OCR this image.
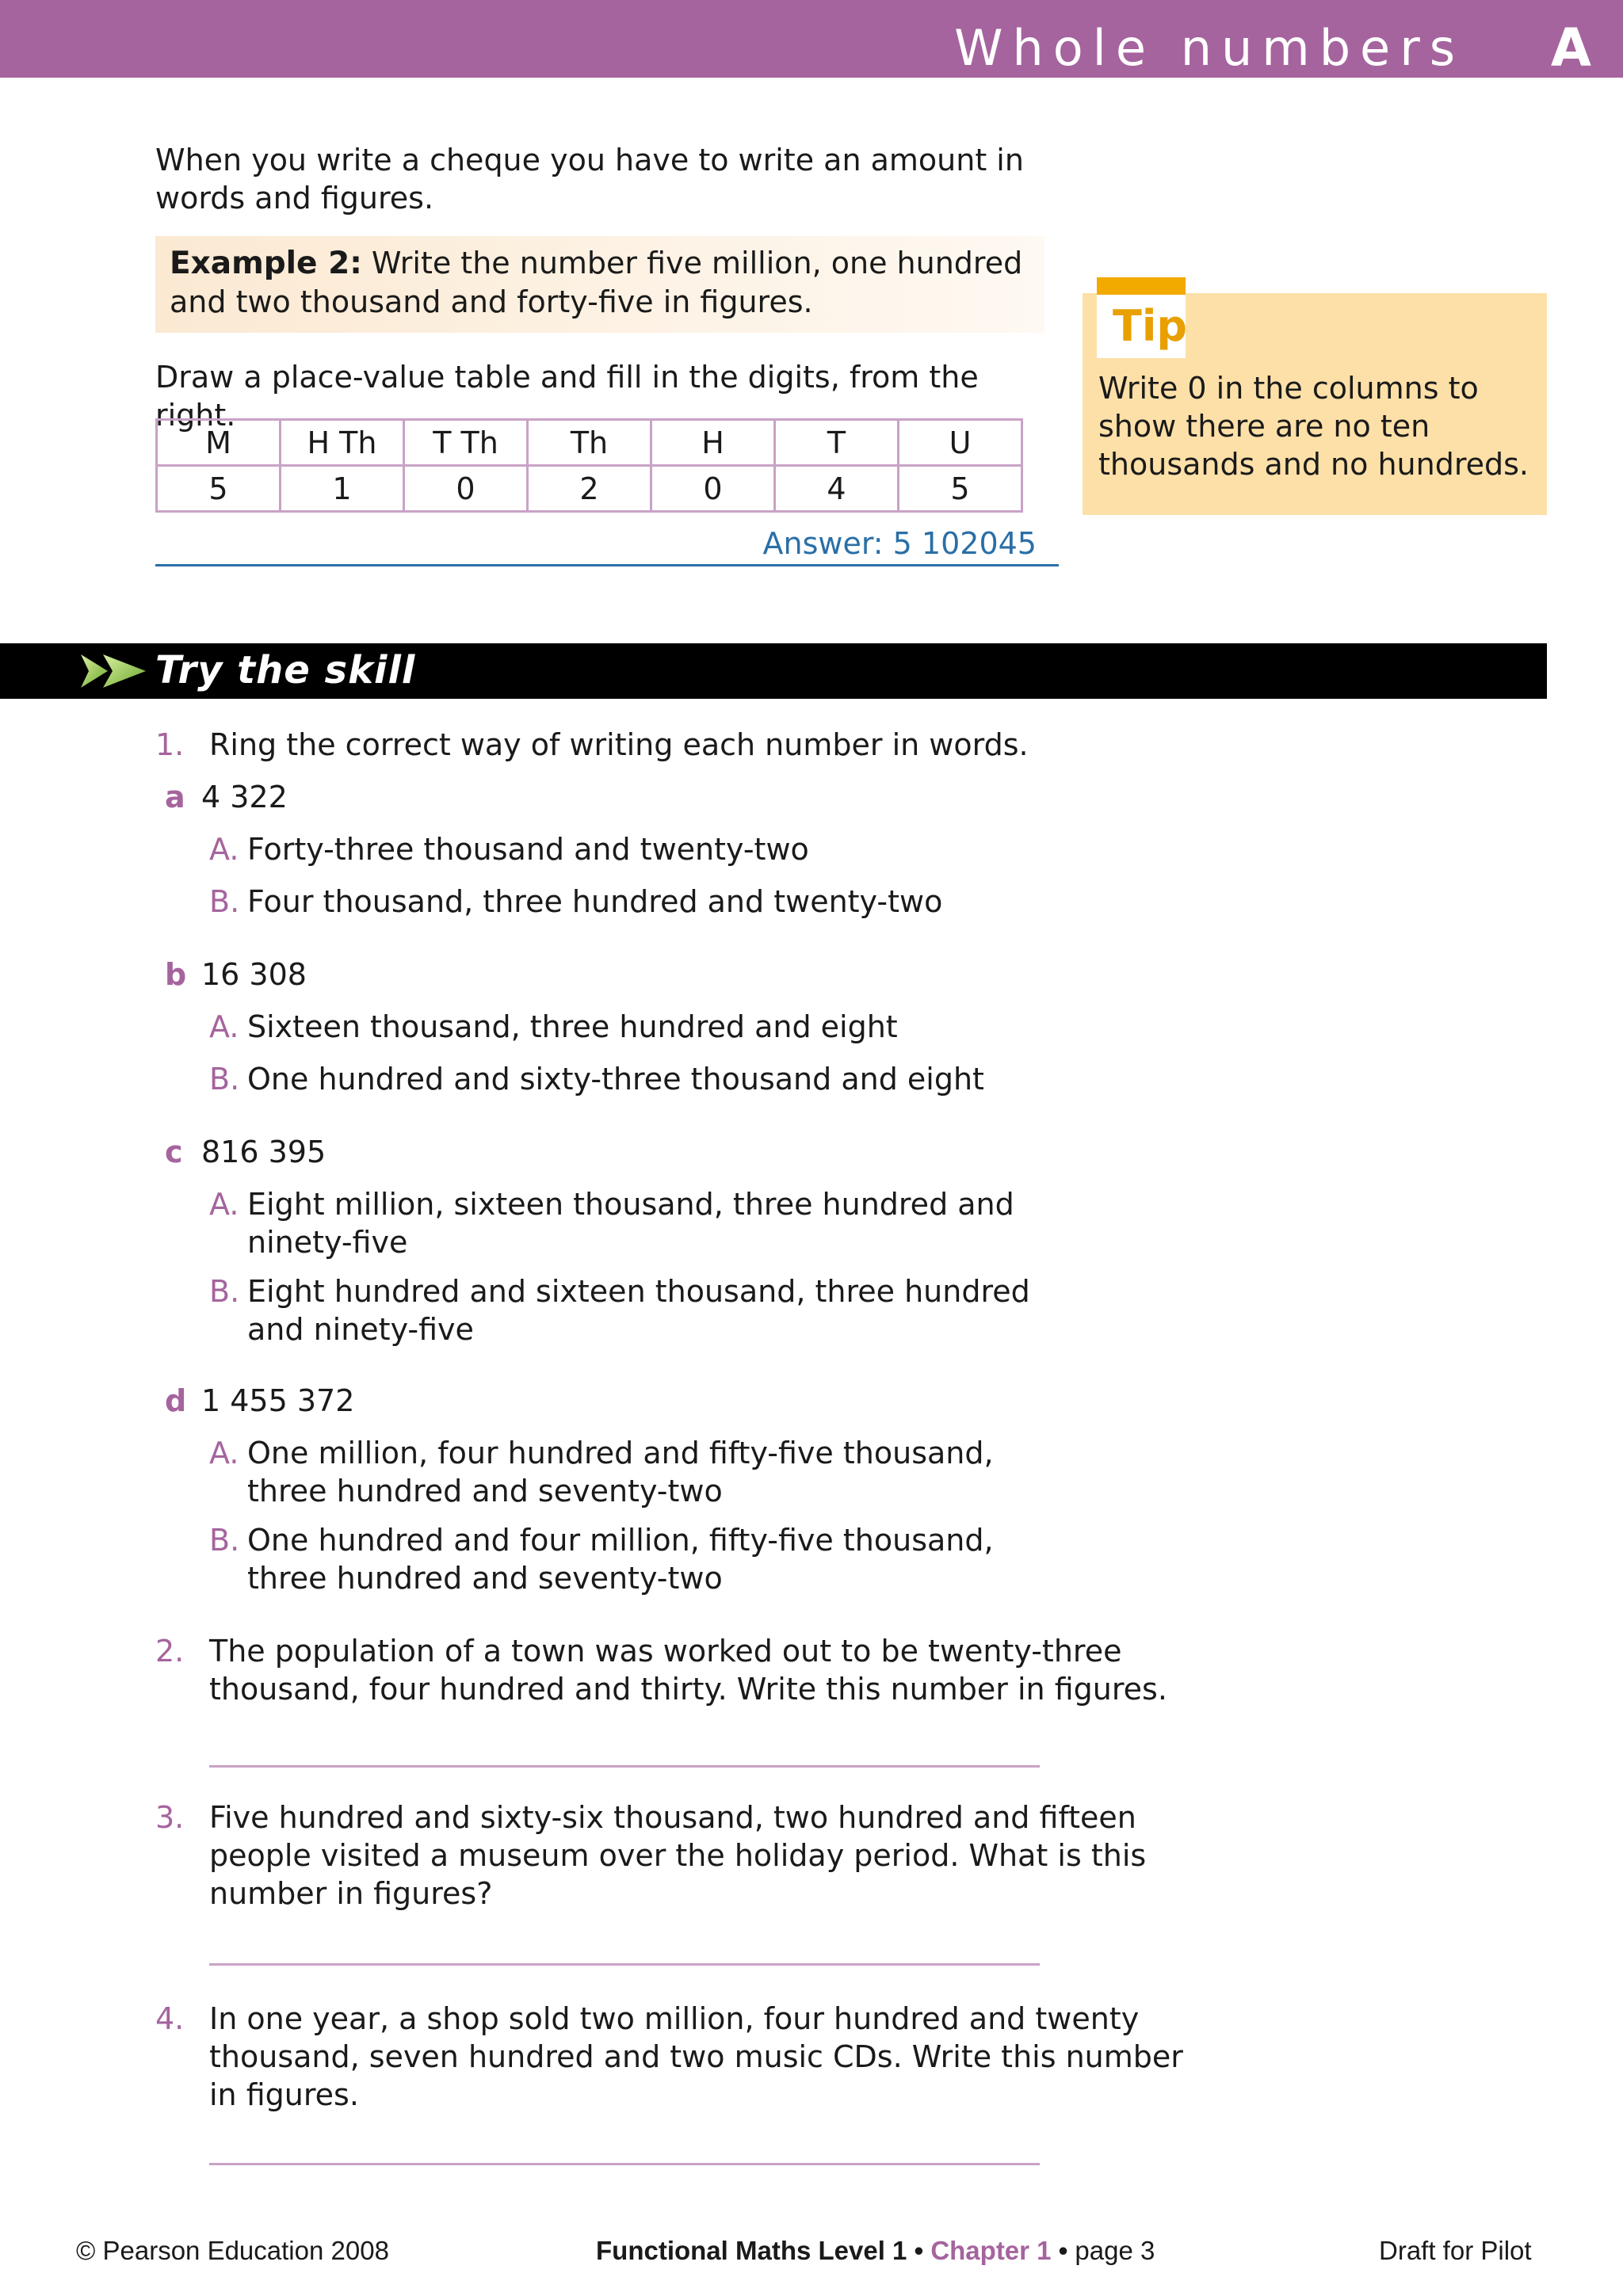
Whole numbers A
When you write a cheque you have to write an amount in words and figures.
Example 2: Write the number five million, one hundred and two thousand and forty-five in figures.
Draw a place-value table and fill in the digits, from the right.
M	H Th	T Th	Th	H	T	U
5	1	0	2	0	4	5
Answer: 5 102045
Tip
Write 0 in the columns to show there are no ten thousands and no hundreds.
Try the skill
1. Ring the correct way of writing each number in words.
a 4 322
A. Forty-three thousand and twenty-two
B. Four thousand, three hundred and twenty-two
b 16 308
A. Sixteen thousand, three hundred and eight
B. One hundred and sixty-three thousand and eight
c 816 395
A. Eight million, sixteen thousand, three hundred and ninety-five
B. Eight hundred and sixteen thousand, three hundred and ninety-five
d 1 455 372
A. One million, four hundred and fifty-five thousand, three hundred and seventy-two
B. One hundred and four million, fifty-five thousand, three hundred and seventy-two
2. The population of a town was worked out to be twenty-three thousand, four hundred and thirty. Write this number in figures.
3. Five hundred and sixty-six thousand, two hundred and fifteen people visited a museum over the holiday period. What is this number in figures?
4. In one year, a shop sold two million, four hundred and twenty thousand, seven hundred and two music CDs. Write this number in figures.
© Pearson Education 2008	Functional Maths Level 1 • Chapter 1 • page 3	Draft for Pilot
